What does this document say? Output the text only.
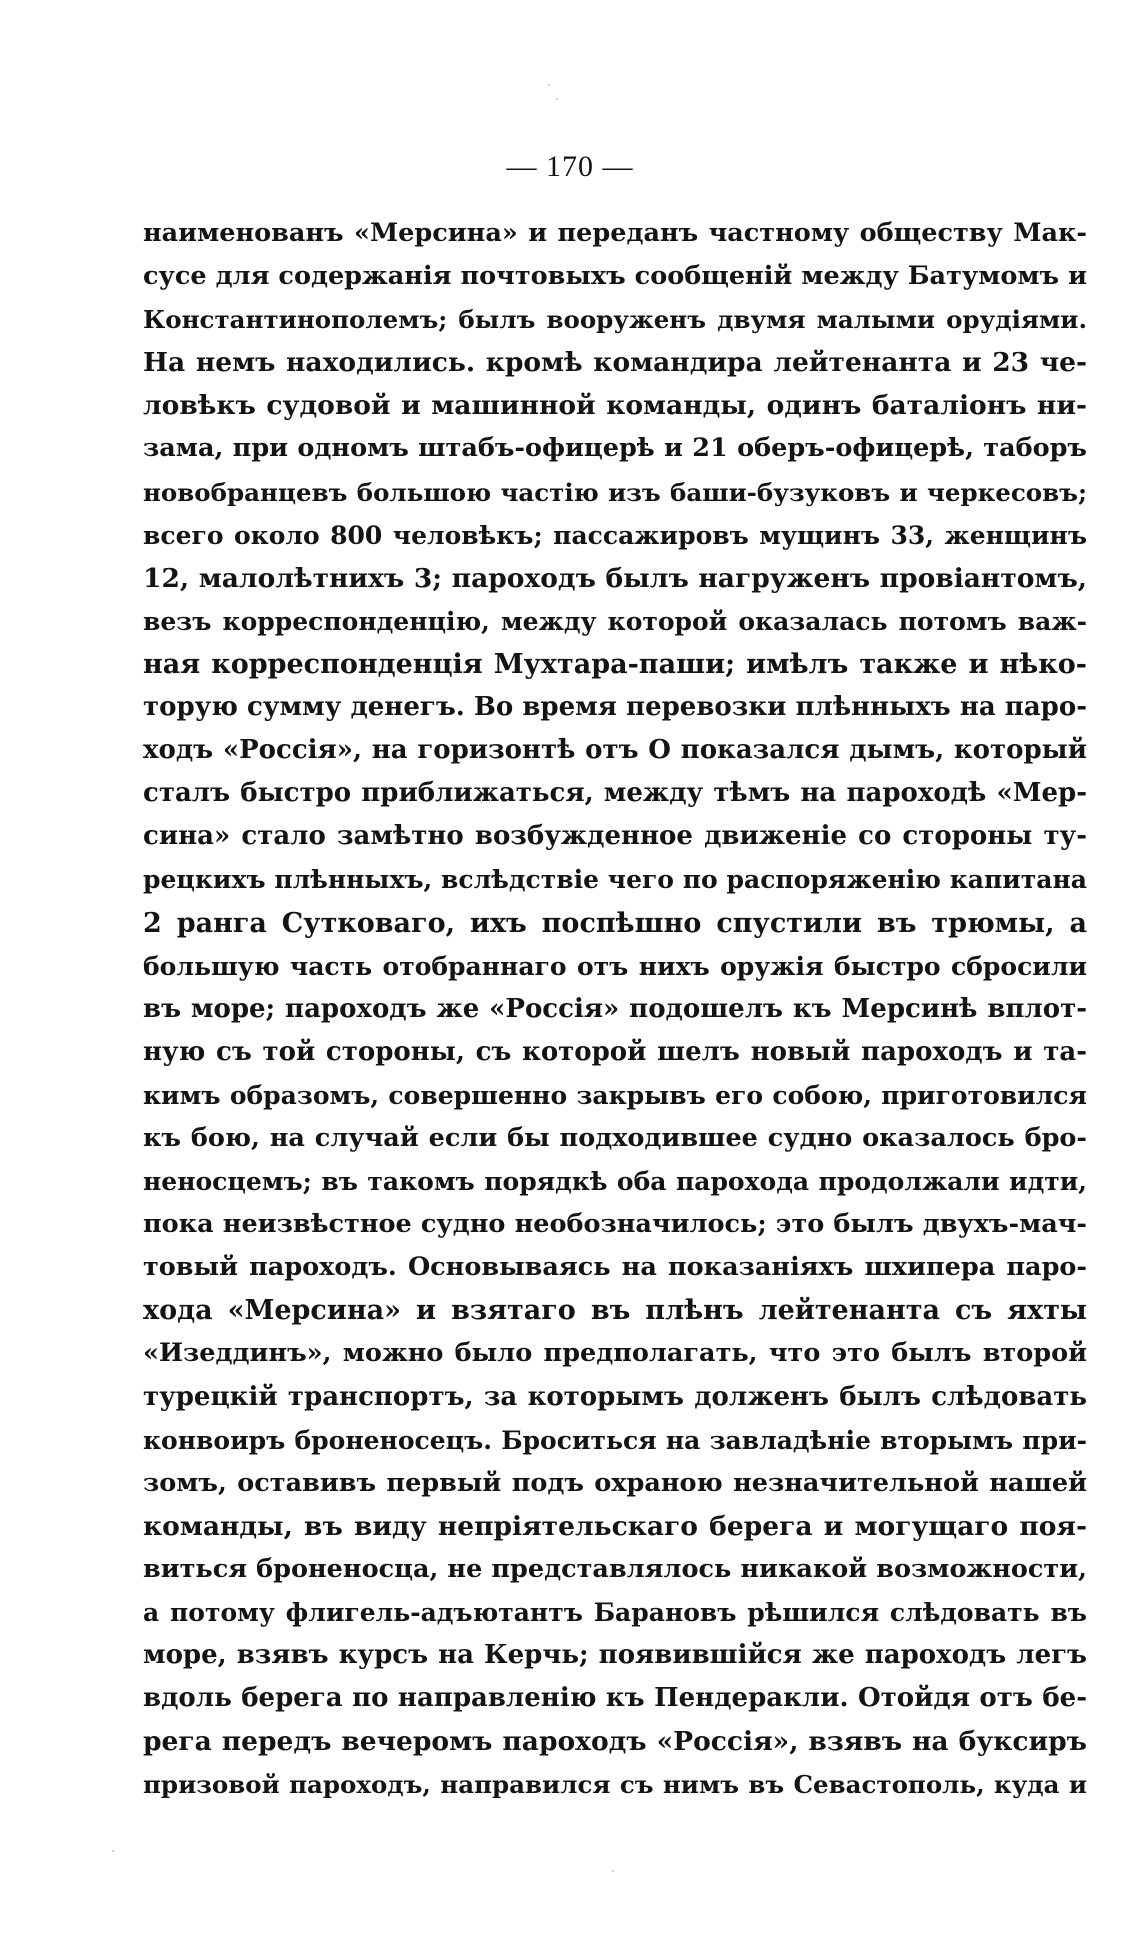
— 170 —
наименованъ «Мерсина» и переданъ частному обществу Мак-
сусе для содержанія почтовыхъ сообщеній между Батумомъ и
Константинополемъ; былъ вооруженъ двумя малыми орудіями.
На немъ находились. кромѣ командира лейтенанта и 23 че-
ловѣкъ судовой и машинной команды, одинъ баталіонъ ни-
зама, при одномъ штабъ-офицерѣ и 21 оберъ-офицерѣ, таборъ
новобранцевъ большою частію изъ баши-бузуковъ и черкесовъ;
всего около 800 человѣкъ; пассажировъ мущинъ 33, женщинъ
12, малолѣтнихъ 3; пароходъ былъ нагруженъ провіантомъ,
везъ корреспонденцію, между которой оказалась потомъ важ-
ная корреспонденція Мухтара-паши; имѣлъ также и нѣко-
торую сумму денегъ. Во время перевозки плѣнныхъ на паро-
ходъ «Россія», на горизонтѣ отъ О показался дымъ, который
сталъ быстро приближаться, между тѣмъ на пароходѣ «Мер-
сина» стало замѣтно возбужденное движеніе со стороны ту-
рецкихъ плѣнныхъ, вслѣдствіе чего по распоряженію капитана
2 ранга Сутковаго, ихъ поспѣшно спустили въ трюмы, а
большую часть отобраннаго отъ нихъ оружія быстро сбросили
въ море; пароходъ же «Россія» подошелъ къ Мерсинѣ вплот-
ную съ той стороны, съ которой шелъ новый пароходъ и та-
кимъ образомъ, совершенно закрывъ его собою, приготовился
къ бою, на случай если бы подходившее судно оказалось бро-
неносцемъ; въ такомъ порядкѣ оба парохода продолжали идти,
пока неизвѣстное судно необозначилось; это былъ двухъ-мач-
товый пароходъ. Основываясь на показаніяхъ шхипера паро-
хода «Мерсина» и взятаго въ плѣнъ лейтенанта съ яхты
«Изеддинъ», можно было предполагать, что это былъ второй
турецкій транспортъ, за которымъ долженъ былъ слѣдовать
конвоиръ броненосецъ. Броситься на завладѣніе вторымъ при-
зомъ, оставивъ первый подъ охраною незначительной нашей
команды, въ виду непріятельскаго берега и могущаго поя-
виться броненосца, не представлялось никакой возможности,
а потому флигель-адъютантъ Барановъ рѣшился слѣдовать въ
море, взявъ курсъ на Керчь; появившійся же пароходъ легъ
вдоль берега по направленію къ Пендеракли. Отойдя отъ бе-
рега передъ вечеромъ пароходъ «Россія», взявъ на буксиръ
призовой пароходъ, направился съ нимъ въ Севастополь, куда и
